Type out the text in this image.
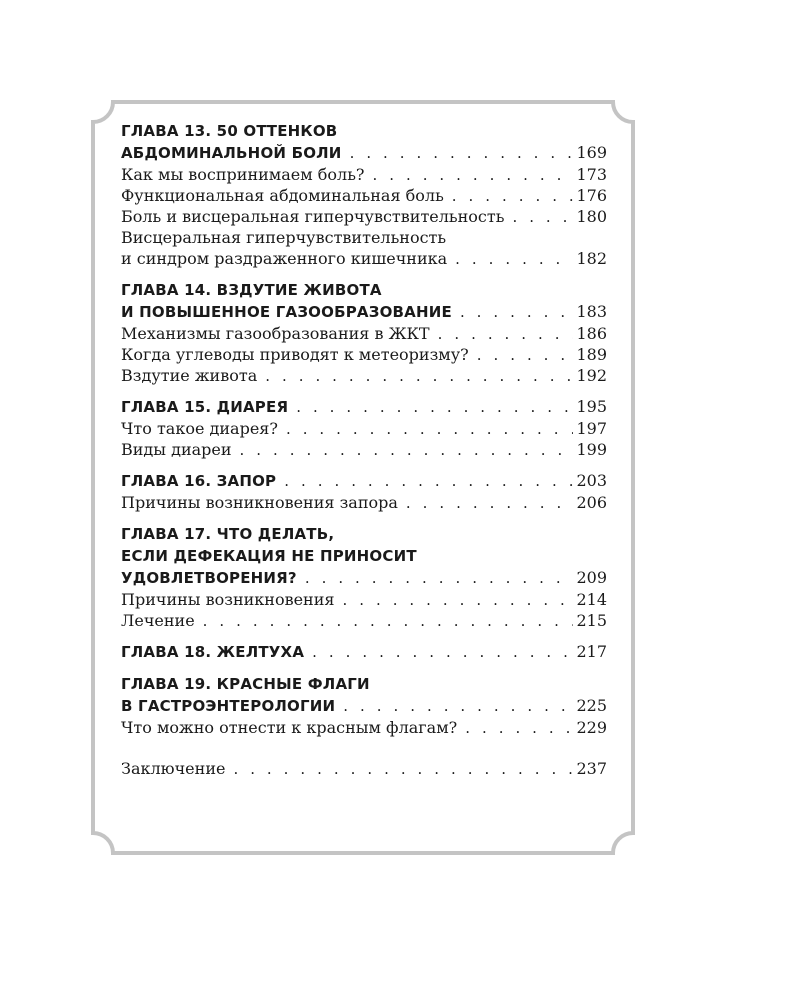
ГЛАВА 13. 50 ОТТЕНКОВ
АБДОМИНАЛЬНОЙ БОЛИ . . .	169
Как мы воспринимаем боль? . . .	173
Функциональная абдоминальная боль . . .	176
Боль и висцеральная гиперчувствительность . . .	180
Висцеральная гиперчувствительность
и синдром раздраженного кишечника . . .	182
ГЛАВА 14. ВЗДУТИЕ ЖИВОТА
И ПОВЫШЕННОЕ ГАЗООБРАЗОВАНИЕ . . .	183
Механизмы газообразования в ЖКТ . . .	186
Когда углеводы приводят к метеоризму? . . .	189
Вздутие живота . . .	192
ГЛАВА 15. ДИАРЕЯ . . .	195
Что такое диарея? . . .	197
Виды диареи . . .	199
ГЛАВА 16. ЗАПОР . . .	203
Причины возникновения запора . . .	206
ГЛАВА 17. ЧТО ДЕЛАТЬ,
ЕСЛИ ДЕФЕКАЦИЯ НЕ ПРИНОСИТ
УДОВЛЕТВОРЕНИЯ? . . .	209
Причины возникновения . . .	214
Лечение . . .	215
ГЛАВА 18. ЖЕЛТУХА . . .	217
ГЛАВА 19. КРАСНЫЕ ФЛАГИ
В ГАСТРОЭНТЕРОЛОГИИ . . .	225
Что можно отнести к красным флагам? . . .	229
Заключение . . .	237
